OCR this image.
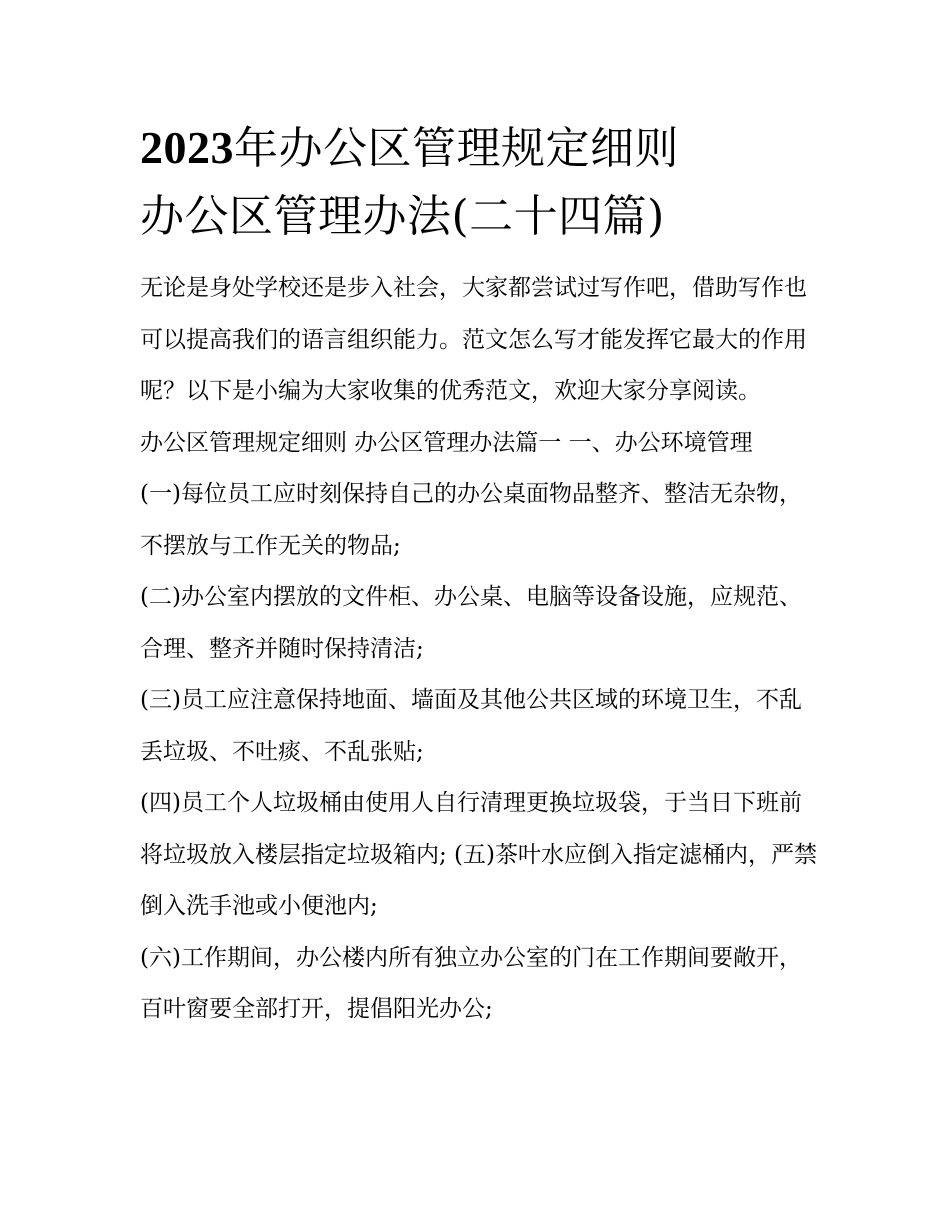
2023年办公区管理规定细则
办公区管理办法(二十四篇)

无论是身处学校还是步入社会，大家都尝试过写作吧，借助写作也可以提高我们的语言组织能力。范文怎么写才能发挥它最大的作用呢？以下是小编为大家收集的优秀范文，欢迎大家分享阅读。

办公区管理规定细则 办公区管理办法篇一 一、办公环境管理

(一)每位员工应时刻保持自己的办公桌面物品整齐、整洁无杂物，不摆放与工作无关的物品;

(二)办公室内摆放的文件柜、办公桌、电脑等设备设施，应规范、合理、整齐并随时保持清洁;

(三)员工应注意保持地面、墙面及其他公共区域的环境卫生，不乱丢垃圾、不吐痰、不乱张贴;

(四)员工个人垃圾桶由使用人自行清理更换垃圾袋，于当日下班前将垃圾放入楼层指定垃圾箱内; (五)茶叶水应倒入指定滤桶内，严禁倒入洗手池或小便池内;

(六)工作期间，办公楼内所有独立办公室的门在工作期间要敞开，百叶窗要全部打开，提倡阳光办公;
